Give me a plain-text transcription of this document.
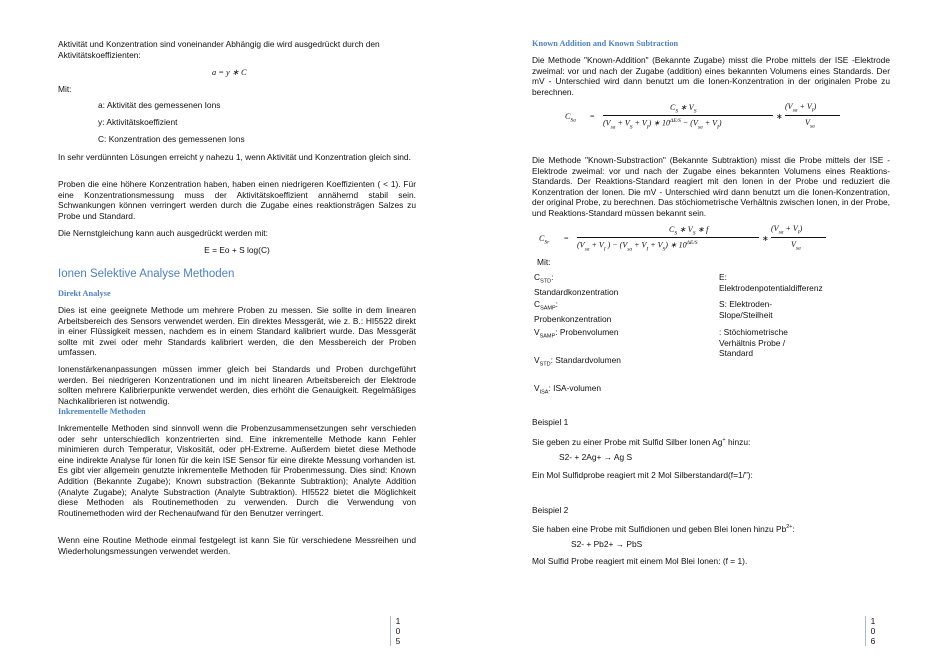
Aktivität und Konzentration sind voneinander Abhängig die wird ausgedrückt durch den Aktivitätskoeffizienten:

a = y ∗ C

Mit:

a: Aktivität des gemessenen Ions

y: Aktivitätskoeffizient

C: Konzentration des gemessenen Ions

In sehr verdünnten Lösungen erreicht y nahezu 1, wenn Aktivität und Konzentration gleich sind.

Proben die eine höhere Konzentration haben, haben einen niedrigeren Koeffizienten ( < 1). Für eine Konzentrationsmessung muss der Aktivitätskoeffizient annähernd stabil sein. Schwankungen können verringert werden durch die Zugabe eines reaktionsträgen Salzes zu Probe und Standard.

Die Nernstgleichung kann auch ausgedrückt werden mit:

E = Eo + S log(C)

Ionen Selektive Analyse Methoden
Direkt Analyse

Dies ist eine geeignete Methode um mehrere Proben zu messen. Sie sollte in dem linearen Arbeitsbereich des Sensors verwendet werden. Ein direktes Messgerät, wie z. B.: HI5522 direkt in einer Flüssigkeit messen, nachdem es in einem Standard kalibriert wurde. Das Messgerät sollte mit zwei oder mehr Standards kalibriert werden, die den Messbereich der Proben umfassen.

Ionenstärkenanpassungen müssen immer gleich bei Standards und Proben durchgeführt werden. Bei niedrigeren Konzentrationen und im nicht linearen Arbeitsbereich der Elektrode sollten mehrere Kalibrierpunkte verwendet werden, dies erhöht die Genauigkeit. Regelmäßiges Nachkalibrieren ist notwendig.

Inkrementelle Methoden

Inkrementelle Methoden sind sinnvoll wenn die Probenzusammensetzungen sehr verschieden oder sehr unterschiedlich konzentrierten sind. Eine inkrementelle Methode kann Fehler minimieren durch Temperatur, Viskosität, oder pH-Extreme. Außerdem bietet diese Methode eine indirekte Analyse für Ionen für die kein ISE Sensor für eine direkte Messung vorhanden ist. Es gibt vier allgemein genutzte inkrementelle Methoden für Probenmessung. Dies sind: Known Addition (Bekannte Zugabe); Known substraction (Bekannte Subtraktion); Analyte Addition (Analyte Zugabe); Analyte Substraction (Analyte Subtraktion). HI5522 bietet die Möglichkeit diese Methoden als Routinemethoden zu verwenden. Durch die Verwendung von Routinemethoden wird der Rechenaufwand für den Benutzer verringert.

Wenn eine Routine Methode einmal festgelegt ist kann Sie für verschiedene Messreihen und Wiederholungsmessungen verwendet werden.

1
0
5
Known Addition and Known Subtraction

Die Methode "Known-Addition" (Bekannte Zugabe) misst die Probe mittels der ISE -Elektrode zweimal: vor und nach der Zugabe (addition) eines bekannten Volumens eines Standards. Der mV - Unterschied wird dann benutzt um die Ionen-Konzentration in der originalen Probe zu berechnen.

$C_{Sa}$ =
$C_S$ ∗ $V_S$
$(V_{sa} + V_S + V_I)$ ∗ $10^{\Delta E/S} - (V_{sa} + V_I)$
∗
$(V_{sa} + V_I)$
$V_{sa}$

Die Methode "Known-Substraction" (Bekannte Subtraktion) misst die Probe mittels der ISE -Elektrode zweimal: vor und nach der Zugabe eines bekannten Volumens eines Reaktions-Standards. Der Reaktions-Standard reagiert mit den Ionen in der Probe und reduziert die Konzentration der Ionen. Die mV - Unterschied wird dann benutzt um die Ionen-Konzentration, der original Probe, zu berechnen. Das stöchiometrische Verhältnis zwischen Ionen, in der Probe, und Reaktions-Standard müssen bekannt sein.

$C_{Sr}$ =
$C_S$ ∗ $V_S$ ∗ f
($V_{sa} + V_I$ ) − $(V_{sa} + V_I + V_S)$ ∗ $10^{\Delta E/S}$	∗
$(V_{sa} + V_I)$
$V_{sa}$

Mit:

$C_{STD}$: Standardkonzentration
$C_{SAMP}$: Probenkonzentration
$V_{SAMP}$: Probenvolumen
$V_{STD}$: Standardvolumen
$V_{ISA}$: ISA-volumen
E: Elektrodenpotentialdifferenz
S: Elektroden-Slope/Steilheit
: Stöchiometrische Verhältnis Probe / Standard

Beispiel 1

Sie geben zu einer Probe mit Sulfid Silber Ionen Ag+ hinzu:

S2- + 2Ag+ → Ag S

Ein Mol Sulfidprobe reagiert mit 2 Mol Silberstandard(f=1/”):

Beispiel 2

Sie haben eine Probe mit Sulfidionen und geben Blei Ionen hinzu $Pb^{2+}$:

S2- + Pb2+ → PbS

Mol Sulfid Probe reagiert mit einem Mol Blei Ionen: (f = 1).

1
0
6
